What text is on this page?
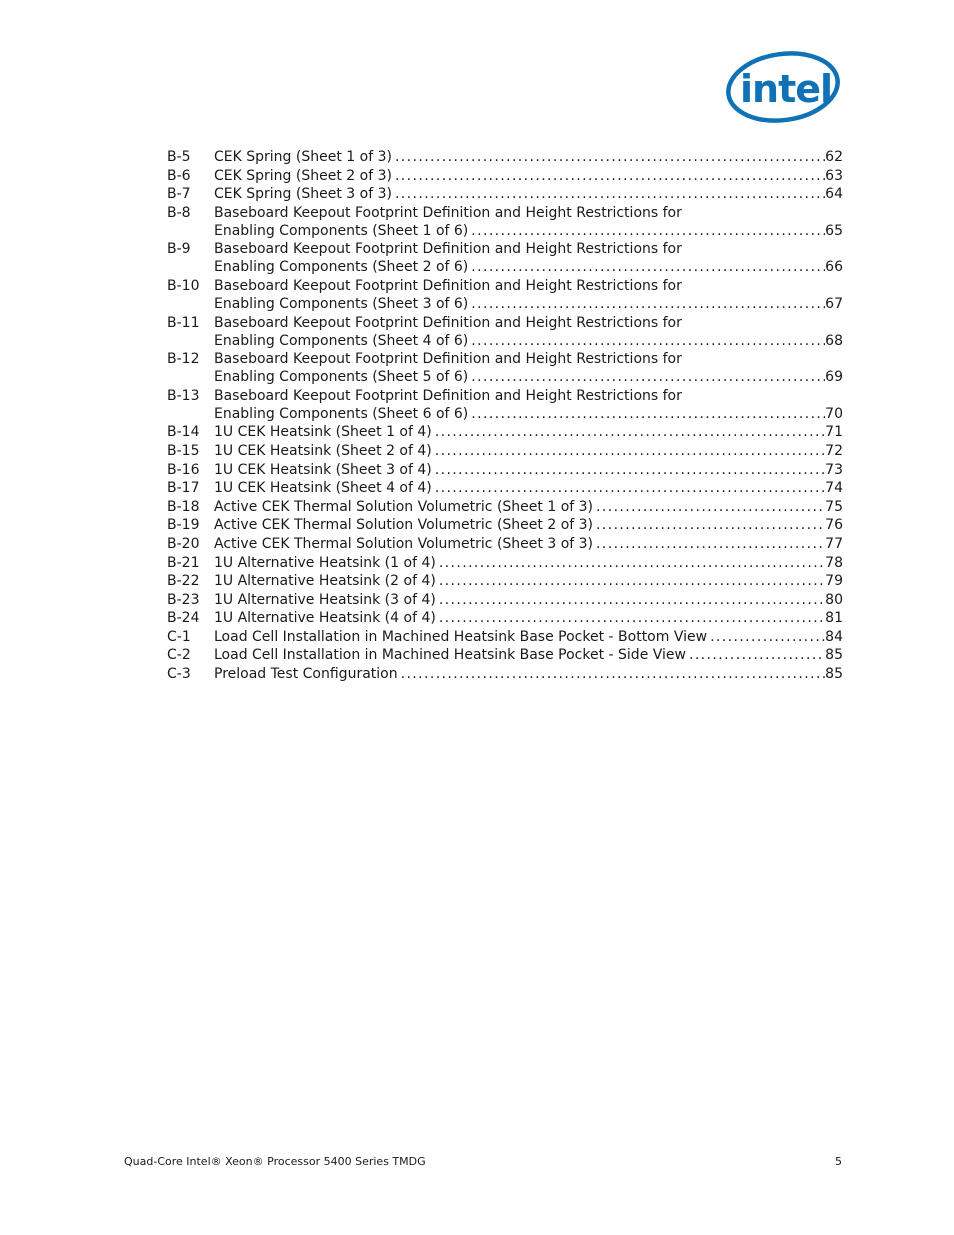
intel
B-5	CEK Spring (Sheet 1 of 3) .....	62
B-6	CEK Spring (Sheet 2 of 3) .....	63
B-7	CEK Spring (Sheet 3 of 3) .....	64
B-8	Baseboard Keepout Footprint Definition and Height Restrictions for
Enabling Components (Sheet 1 of 6) .....	65
B-9	Baseboard Keepout Footprint Definition and Height Restrictions for
Enabling Components (Sheet 2 of 6) .....	66
B-10	Baseboard Keepout Footprint Definition and Height Restrictions for
Enabling Components (Sheet 3 of 6) .....	67
B-11	Baseboard Keepout Footprint Definition and Height Restrictions for
Enabling Components (Sheet 4 of 6) .....	68
B-12	Baseboard Keepout Footprint Definition and Height Restrictions for
Enabling Components (Sheet 5 of 6) .....	69
B-13	Baseboard Keepout Footprint Definition and Height Restrictions for
Enabling Components (Sheet 6 of 6) .....	70
B-14	1U CEK Heatsink (Sheet 1 of 4) .....	71
B-15	1U CEK Heatsink (Sheet 2 of 4) .....	72
B-16	1U CEK Heatsink (Sheet 3 of 4) .....	73
B-17	1U CEK Heatsink (Sheet 4 of 4) .....	74
B-18	Active CEK Thermal Solution Volumetric (Sheet 1 of 3) .....	75
B-19	Active CEK Thermal Solution Volumetric (Sheet 2 of 3) .....	76
B-20	Active CEK Thermal Solution Volumetric (Sheet 3 of 3) .....	77
B-21	1U Alternative Heatsink (1 of 4) .....	78
B-22	1U Alternative Heatsink (2 of 4) .....	79
B-23	1U Alternative Heatsink (3 of 4) .....	80
B-24	1U Alternative Heatsink (4 of 4) .....	81
C-1	Load Cell Installation in Machined Heatsink Base Pocket - Bottom View .....	84
C-2	Load Cell Installation in Machined Heatsink Base Pocket - Side View .....	85
C-3	Preload Test Configuration .....	85
Quad-Core Intel® Xeon® Processor 5400 Series TMDG	5
